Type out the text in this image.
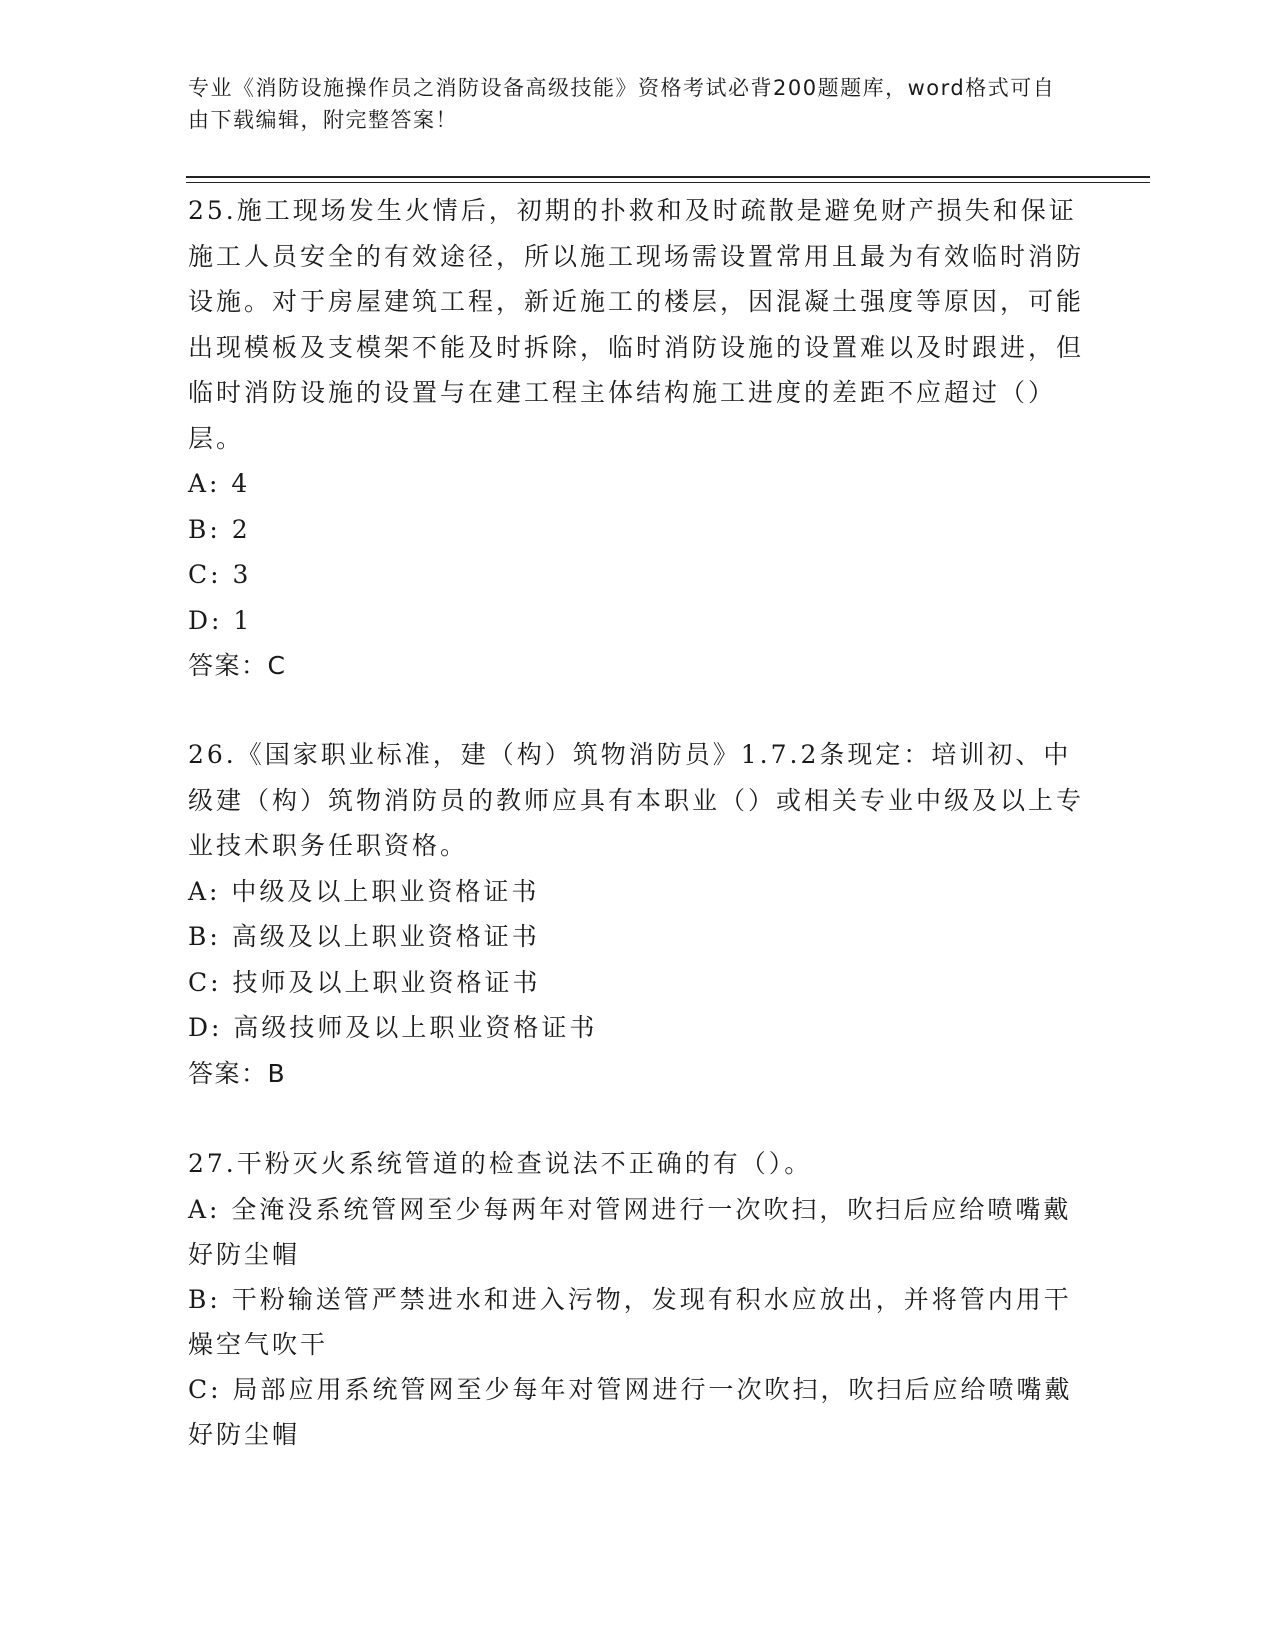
专业《消防设施操作员之消防设备高级技能》资格考试必背200题题库，word格式可自由下载编辑，附完整答案！

25.施工现场发生火情后，初期的扑救和及时疏散是避免财产损失和保证施工人员安全的有效途径，所以施工现场需设置常用且最为有效临时消防设施。对于房屋建筑工程，新近施工的楼层，因混凝土强度等原因，可能出现模板及支模架不能及时拆除，临时消防设施的设置难以及时跟进，但临时消防设施的设置与在建工程主体结构施工进度的差距不应超过（）层。

A: 4

B: 2

C: 3

D: 1

答案：C

26.《国家职业标准，建（构）筑物消防员》1.7.2条现定：培训初、中级建（构）筑物消防员的教师应具有本职业（）或相关专业中级及以上专业技术职务任职资格。

A: 中级及以上职业资格证书

B: 高级及以上职业资格证书

C: 技师及以上职业资格证书

D: 高级技师及以上职业资格证书

答案：B

27.干粉灭火系统管道的检查说法不正确的有（）。

A: 全淹没系统管网至少每两年对管网进行一次吹扫，吹扫后应给喷嘴戴好防尘帽

B: 干粉输送管严禁进水和进入污物，发现有积水应放出，并将管内用干燥空气吹干

C: 局部应用系统管网至少每年对管网进行一次吹扫，吹扫后应给喷嘴戴好防尘帽
